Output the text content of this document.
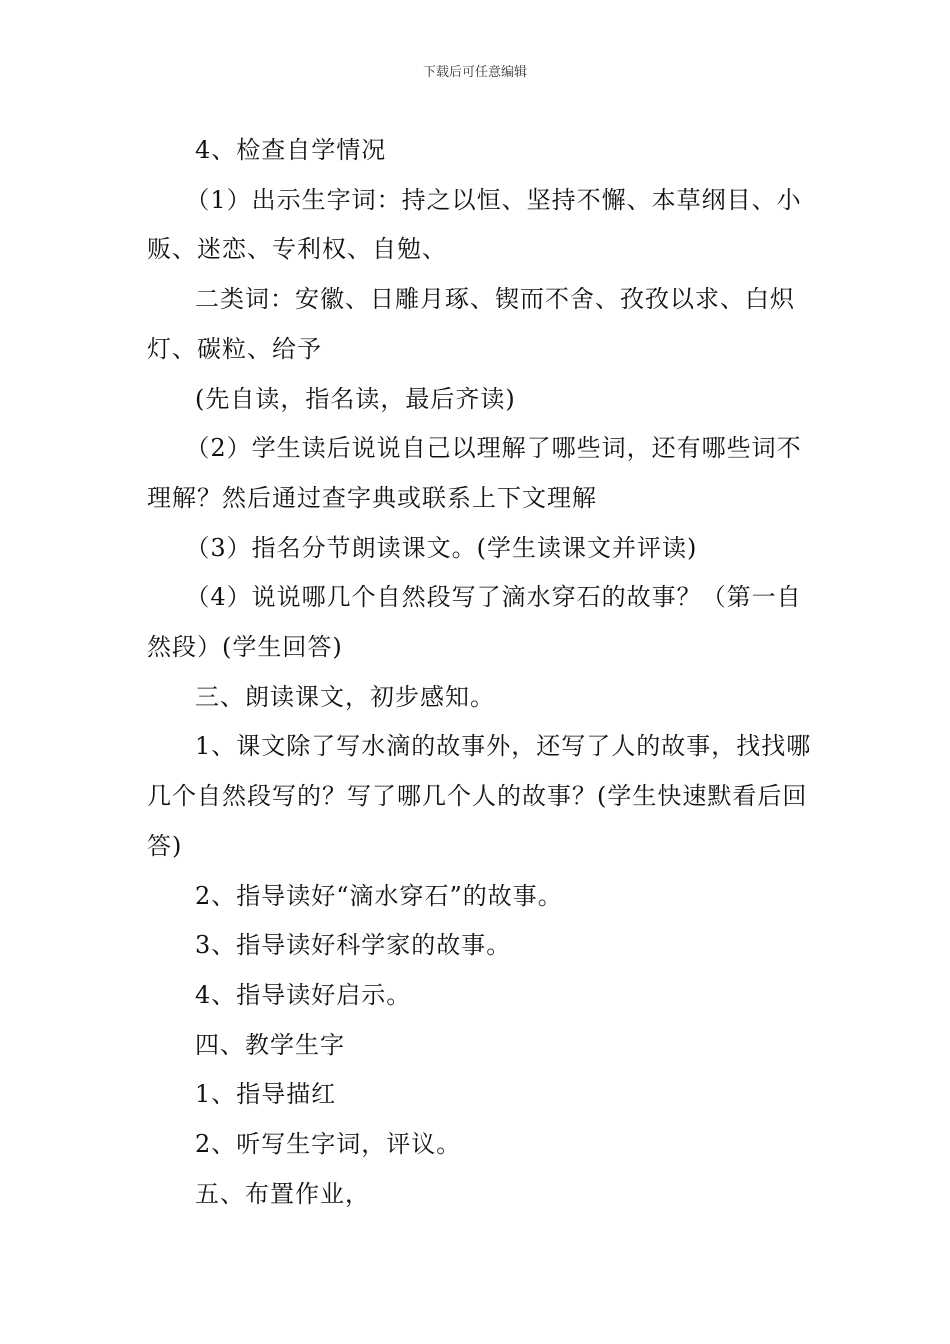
下载后可任意编辑

4、检查自学情况

（1）出示生字词：持之以恒、坚持不懈、本草纲目、小贩、迷恋、专利权、自勉、

二类词：安徽、日雕月琢、锲而不舍、孜孜以求、白炽灯、碳粒、给予

(先自读，指名读，最后齐读)

（2）学生读后说说自己以理解了哪些词，还有哪些词不理解？然后通过查字典或联系上下文理解

（3）指名分节朗读课文。(学生读课文并评读)

（4）说说哪几个自然段写了滴水穿石的故事？（第一自然段）(学生回答)

三、朗读课文，初步感知。

1、课文除了写水滴的故事外，还写了人的故事，找找哪几个自然段写的？写了哪几个人的故事？(学生快速默看后回答)

2、指导读好“滴水穿石”的故事。

3、指导读好科学家的故事。

4、指导读好启示。

四、教学生字

1、指导描红

2、听写生字词，评议。

五、布置作业，
